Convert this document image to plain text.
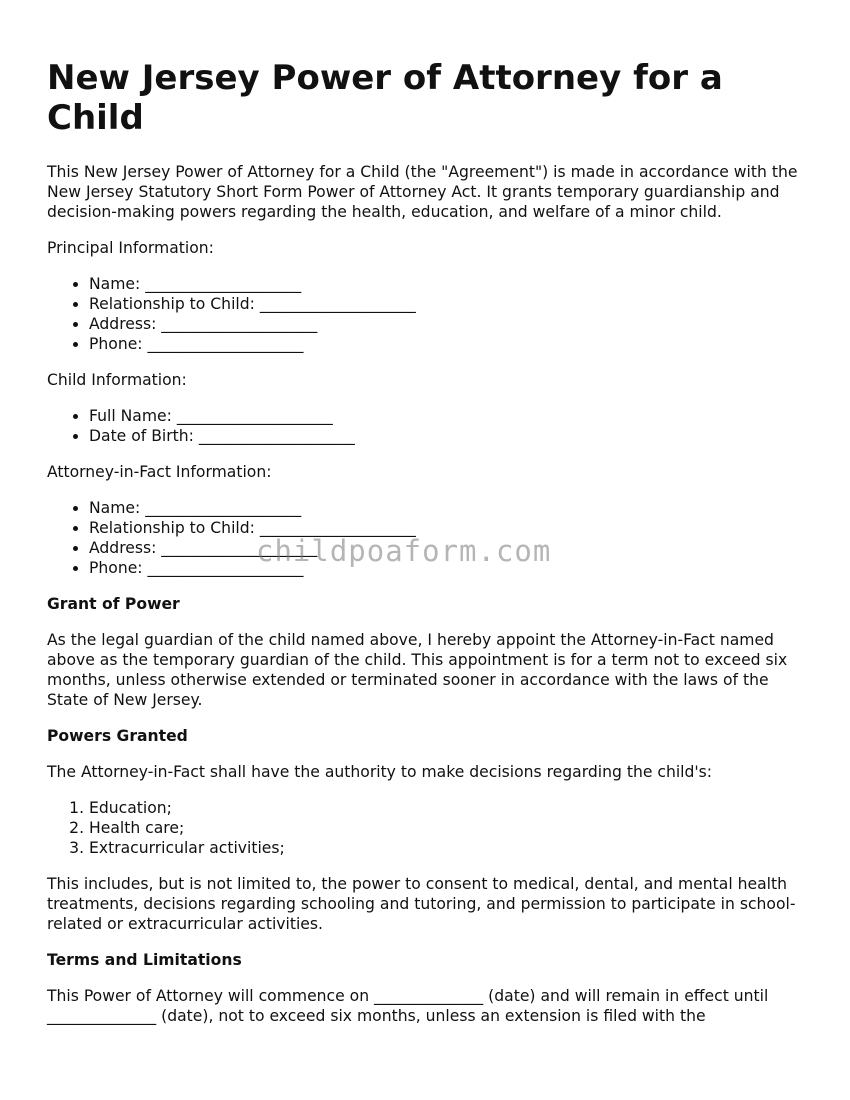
New Jersey Power of Attorney for a Child

This New Jersey Power of Attorney for a Child (the "Agreement") is made in accordance with the New Jersey Statutory Short Form Power of Attorney Act. It grants temporary guardianship and decision-making powers regarding the health, education, and welfare of a minor child.

Principal Information:

• Name: ____________________
• Relationship to Child: ____________________
• Address: ____________________
• Phone: ____________________

Child Information:

• Full Name: ____________________
• Date of Birth: ____________________

Attorney-in-Fact Information:

• Name: ____________________
• Relationship to Child: ____________________
• Address: ____________________
• Phone: ____________________
Grant of Power

As the legal guardian of the child named above, I hereby appoint the Attorney-in-Fact named above as the temporary guardian of the child. This appointment is for a term not to exceed six months, unless otherwise extended or terminated sooner in accordance with the laws of the State of New Jersey.

Powers Granted

The Attorney-in-Fact shall have the authority to make decisions regarding the child's:

1. Education;
2. Health care;
3. Extracurricular activities;

This includes, but is not limited to, the power to consent to medical, dental, and mental health treatments, decisions regarding schooling and tutoring, and permission to participate in school-related or extracurricular activities.

Terms and Limitations

This Power of Attorney will commence on ______________ (date) and will remain in effect until ______________ (date), not to exceed six months, unless an extension is filed with the

childpoaform.com
